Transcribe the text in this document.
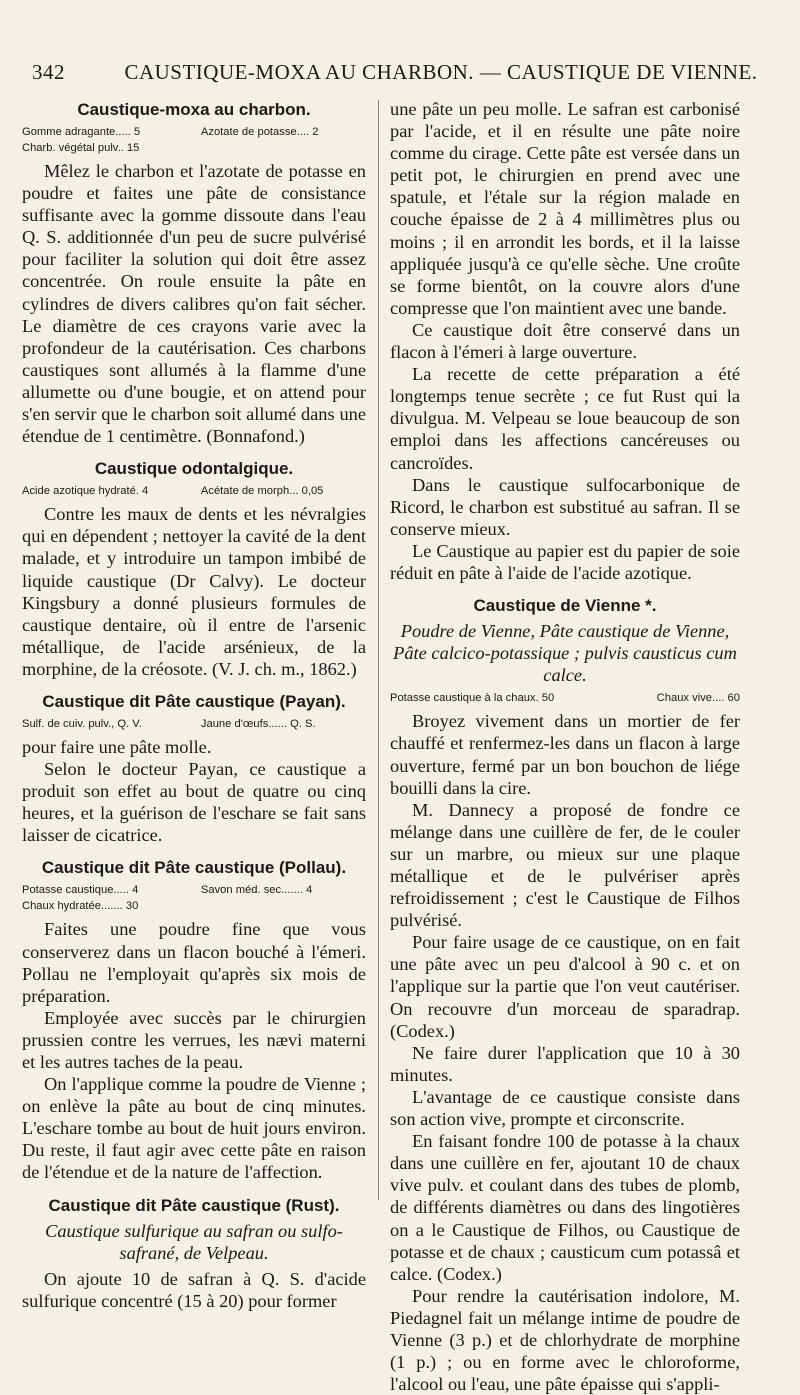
342	CAUSTIQUE-MOXA AU CHARBON. — CAUSTIQUE DE VIENNE.
Caustique-moxa au charbon.
Gomme adragante..... 5	Azotate de potasse.... 2
Charb. végétal pulv.. 15

Mêlez le charbon et l'azotate de potasse en poudre et faites une pâte de consistance suffisante avec la gomme dissoute dans l'eau Q. S. additionnée d'un peu de sucre pulvérisé pour faciliter la solution qui doit être assez concentrée. On roule ensuite la pâte en cylindres de divers calibres qu'on fait sécher. Le diamètre de ces crayons varie avec la profondeur de la cautérisation. Ces charbons caustiques sont allumés à la flamme d'une allumette ou d'une bougie, et on attend pour s'en servir que le charbon soit allumé dans une étendue de 1 centimètre. (Bonnafond.)

Caustique odontalgique.
Acide azotique hydraté. 4	Acétate de morph... 0,05

Contre les maux de dents et les névralgies qui en dépendent ; nettoyer la cavité de la dent malade, et y introduire un tampon imbibé de liquide caustique (Dr Calvy). Le docteur Kingsbury a donné plusieurs formules de caustique dentaire, où il entre de l'arsenic métallique, de l'acide arsénieux, de la morphine, de la créosote. (V. J. ch. m., 1862.)

Caustique dit Pâte caustique (Payan).
Sulf. de cuiv. pulv., Q. V.	Jaune d'œufs...... Q. S.

pour faire une pâte molle.

Selon le docteur Payan, ce caustique a produit son effet au bout de quatre ou cinq heures, et la guérison de l'eschare se fait sans laisser de cicatrice.

Caustique dit Pâte caustique (Pollau).
Potasse caustique..... 4	Savon méd. sec....... 4
Chaux hydratée....... 30

Faites une poudre fine que vous conserverez dans un flacon bouché à l'émeri. Pollau ne l'employait qu'après six mois de préparation.

Employée avec succès par le chirurgien prussien contre les verrues, les nævi materni et les autres taches de la peau.

On l'applique comme la poudre de Vienne ; on enlève la pâte au bout de cinq minutes. L'eschare tombe au bout de huit jours environ. Du reste, il faut agir avec cette pâte en raison de l'étendue et de la nature de l'affection.

Caustique dit Pâte caustique (Rust).

Caustique sulfurique au safran ou sulfo-safrané, de Velpeau.

On ajoute 10 de safran à Q. S. d'acide sulfurique concentré (15 à 20) pour former

une pâte un peu molle. Le safran est carbonisé par l'acide, et il en résulte une pâte noire comme du cirage. Cette pâte est versée dans un petit pot, le chirurgien en prend avec une spatule, et l'étale sur la région malade en couche épaisse de 2 à 4 millimètres plus ou moins ; il en arrondit les bords, et il la laisse appliquée jusqu'à ce qu'elle sèche. Une croûte se forme bientôt, on la couvre alors d'une compresse que l'on maintient avec une bande.

Ce caustique doit être conservé dans un flacon à l'émeri à large ouverture.

La recette de cette préparation a été longtemps tenue secrète ; ce fut Rust qui la divulgua. M. Velpeau se loue beaucoup de son emploi dans les affections cancéreuses ou cancroïdes.

Dans le caustique sulfocarbonique de Ricord, le charbon est substitué au safran. Il se conserve mieux.

Le Caustique au papier est du papier de soie réduit en pâte à l'aide de l'acide azotique.

Caustique de Vienne *.

Poudre de Vienne, Pâte caustique de Vienne, Pâte calcico-potassique ; pulvis causticus cum calce.

Potasse caustique à la chaux. 50	Chaux vive.... 60

Broyez vivement dans un mortier de fer chauffé et renfermez-les dans un flacon à large ouverture, fermé par un bon bouchon de liége bouilli dans la cire.

M. Dannecy a proposé de fondre ce mélange dans une cuillère de fer, de le couler sur un marbre, ou mieux sur une plaque métallique et de le pulvériser après refroidissement ; c'est le Caustique de Filhos pulvérisé.

Pour faire usage de ce caustique, on en fait une pâte avec un peu d'alcool à 90 c. et on l'applique sur la partie que l'on veut cautériser. On recouvre d'un morceau de sparadrap. (Codex.)

Ne faire durer l'application que 10 à 30 minutes.

L'avantage de ce caustique consiste dans son action vive, prompte et circonscrite.

En faisant fondre 100 de potasse à la chaux dans une cuillère en fer, ajoutant 10 de chaux vive pulv. et coulant dans des tubes de plomb, de différents diamètres ou dans des lingotières on a le Caustique de Filhos, ou Caustique de potasse et de chaux ; causticum cum potassâ et calce. (Codex.)

Pour rendre la cautérisation indolore, M. Piedagnel fait un mélange intime de poudre de Vienne (3 p.) et de chlorhydrate de morphine (1 p.) ; ou en forme avec le chloroforme, l'alcool ou l'eau, une pâte épaisse qui s'appli-
